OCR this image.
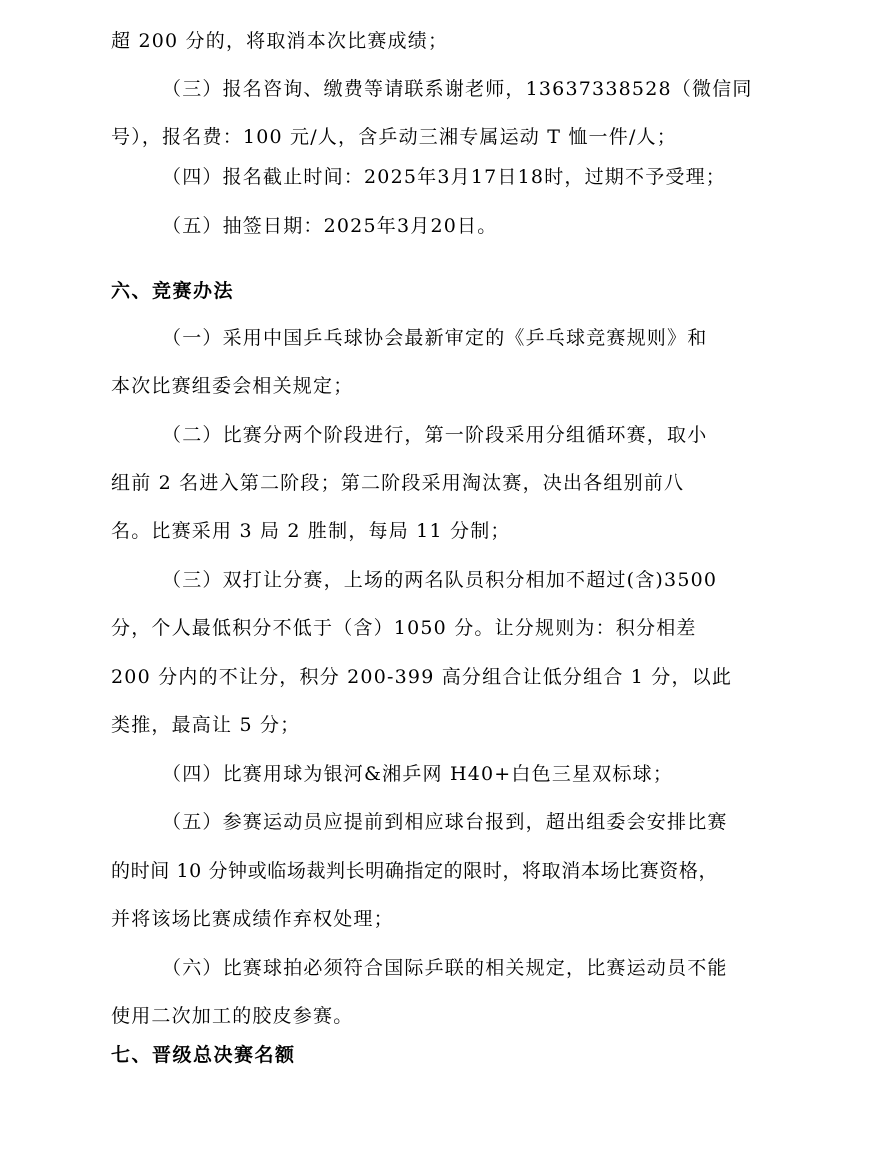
超 200 分的，将取消本次比赛成绩；
（三）报名咨询、缴费等请联系谢老师，13637338528（微信同
号），报名费：100 元/人，含乒动三湘专属运动 T 恤一件/人；
（四）报名截止时间：2025年3月17日18时，过期不予受理；
（五）抽签日期：2025年3月20日。
六、竞赛办法
（一）采用中国乒乓球协会最新审定的《乒乓球竞赛规则》和
本次比赛组委会相关规定；
（二）比赛分两个阶段进行，第一阶段采用分组循环赛，取小
组前 2 名进入第二阶段；第二阶段采用淘汰赛，决出各组别前八
名。比赛采用 3 局 2 胜制，每局 11 分制；
（三）双打让分赛，上场的两名队员积分相加不超过(含)3500
分，个人最低积分不低于（含）1050 分。让分规则为：积分相差
200 分内的不让分，积分 200-399 高分组合让低分组合 1 分，以此
类推，最高让 5 分；
（四）比赛用球为银河&湘乒网 H40+白色三星双标球；
（五）参赛运动员应提前到相应球台报到，超出组委会安排比赛
的时间 10 分钟或临场裁判长明确指定的限时，将取消本场比赛资格，
并将该场比赛成绩作弃权处理；
（六）比赛球拍必须符合国际乒联的相关规定，比赛运动员不能
使用二次加工的胶皮参赛。
七、晋级总决赛名额
